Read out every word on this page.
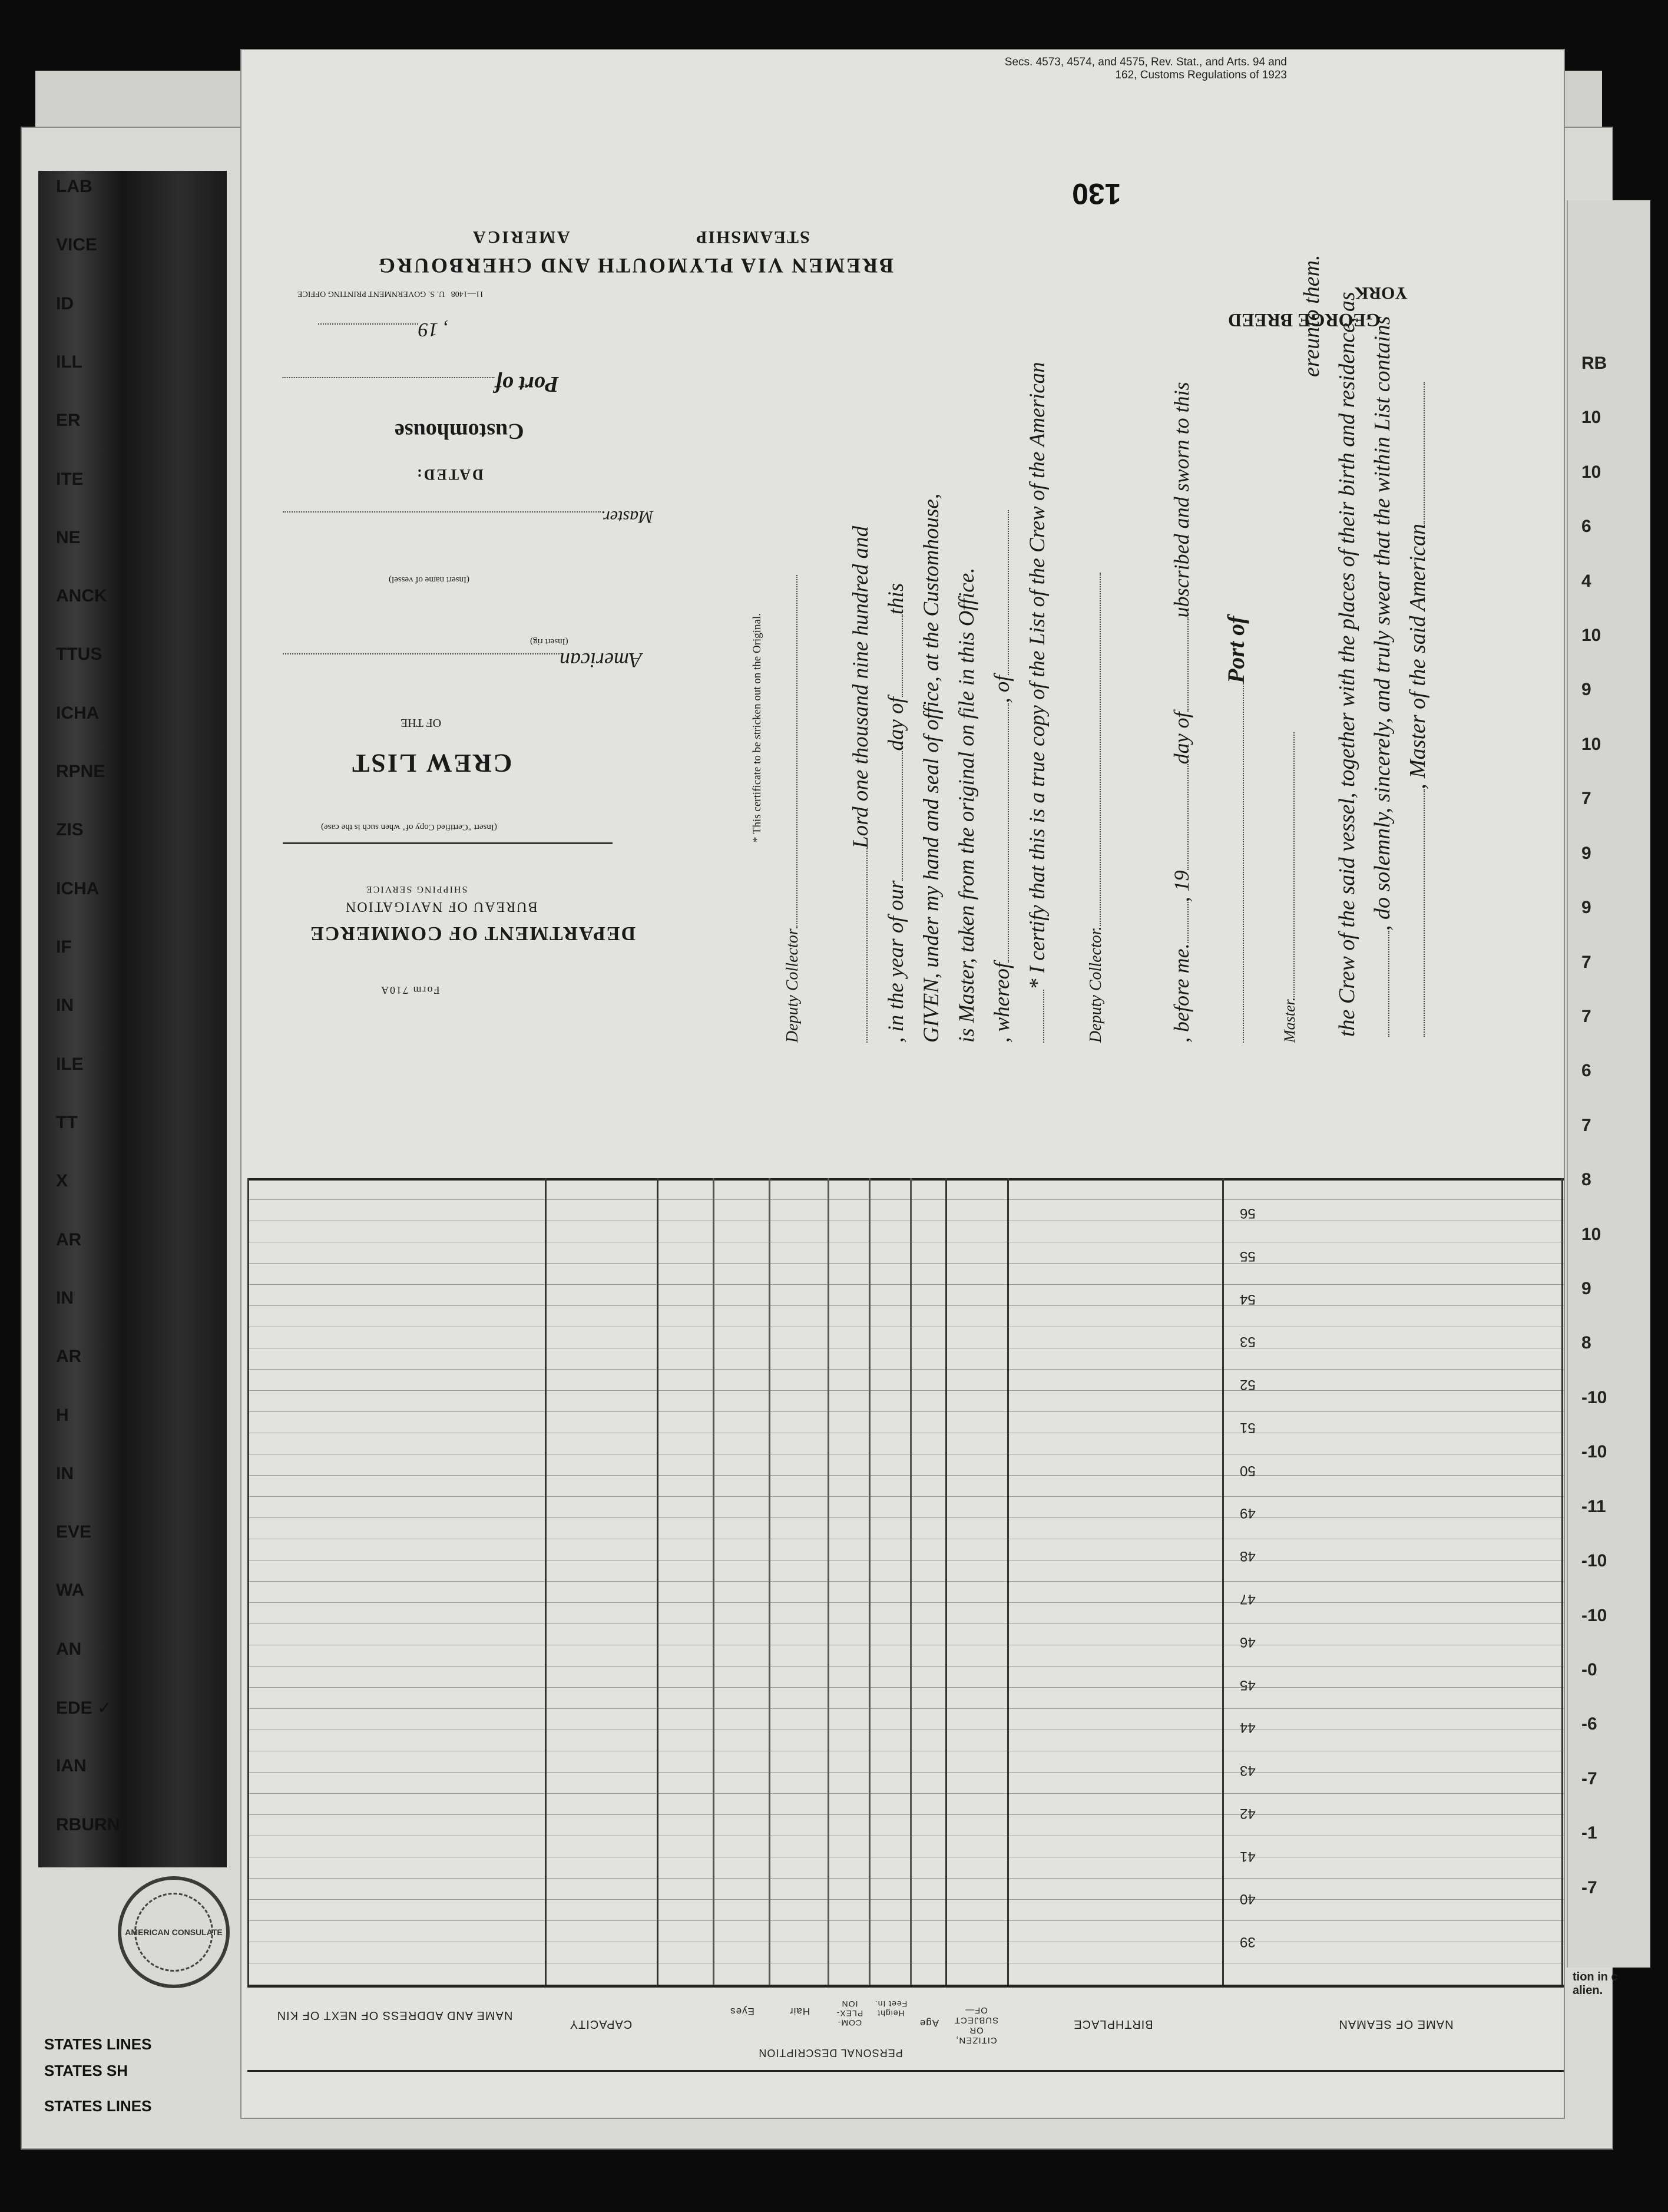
LAB
VICE
ID
ILL
ER
ITE
NE
ANCK
TTUS
ICHA
RPNE
ZIS
ICHA
IF
IN
ILE
TT
X
AR
IN
AR
H
IN
EVE
WA
AN
EDE ✓
IAN
RBURN
RB
10
10
6
4
10
9
10
7
9
9
7
7
6
7
8
10
9
8
-10
-10
-11
-10
-10
-0
-6
-7
-1
-7
tion in c alien.
AMERICAN CONSULATE
STATES LINES
STATES SH
STATES LINES
Secs. 4573, 4574, and 4575, Rev. Stat., and Arts. 94 and 162, Customs Regulations of 1923
130
, Master of the said American
, do solemnly, sincerely, and truly swear that the within List contains
the Crew of the said vessel, together with the places of their birth and residence, as
ereunto them.
Master.
Port of
, before me., 19day ofubscribed and sworn to this
Deputy Collector.
* I certify that this is a true copy of the List of the Crew of the American
, whereof, of
is Master, taken from the original on file in this Office.
GIVEN, under my hand and seal of office, at the Customhouse,
, in the year of ourday ofthis
Lord one thousand nine hundred and
Deputy Collector
* This certificate to be stricken out on the Original.
BREMEN VIA PLYMOUTH AND CHERBOURG
AMERICA	STEAMSHIP
GEORGE BREED
YORK
11—1408   U. S. GOVERNMENT PRINTING OFFICE
, 19
Port of
Customhouse
DATED:
Master.
(Insert name of vessel)
(Insert rig)
American
OF THE
CREW LIST
(Insert "Certified Copy of" when such is the case)
SHIPPING SERVICE
BUREAU OF NAVIGATION
DEPARTMENT OF COMMERCE
Form 710A
56
55
54
53
52
51
50
49
48
47
46
45
44
43
42
41
40
39
NAME OF SEAMAN
BIRTHPLACE
CITIZEN, OR SUBJECT OF—
Age
Height Feet In.
COM-PLEX-ION
Hair
Eyes
PERSONAL DESCRIPTION
CAPACITY
NAME AND ADDRESS OF NEXT OF KIN
